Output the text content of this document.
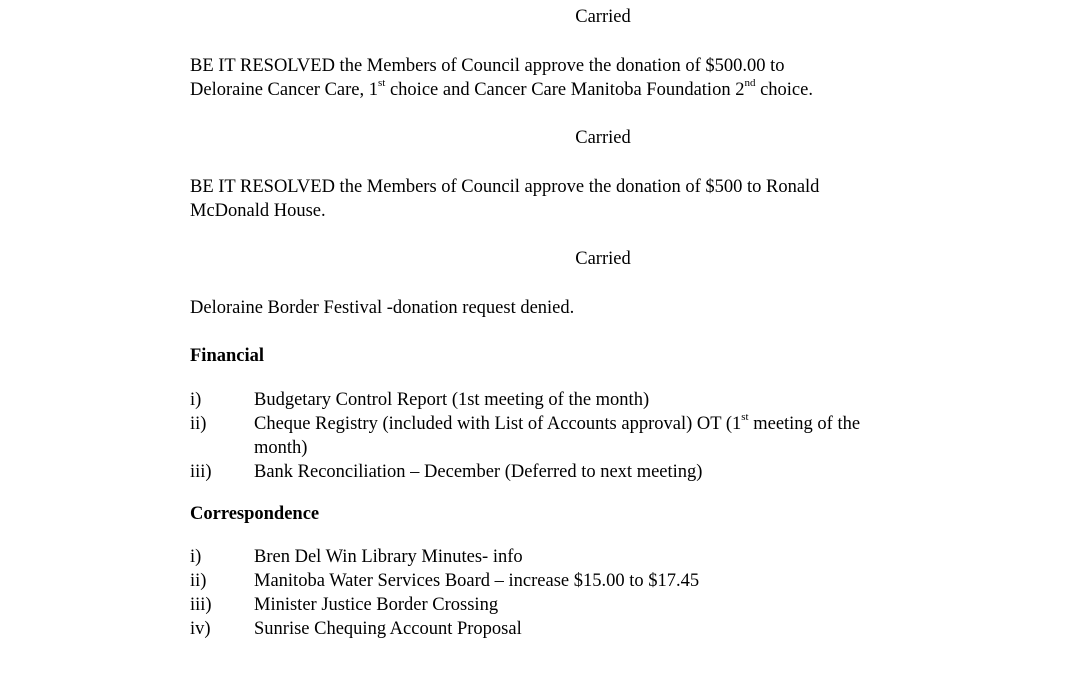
Carried
BE IT RESOLVED the Members of Council approve the donation of $500.00 to
Deloraine Cancer Care, 1st choice and Cancer Care Manitoba Foundation 2nd choice.
Carried
BE IT RESOLVED the Members of Council approve the donation of $500 to Ronald
McDonald House.
Carried
Deloraine Border Festival -donation request denied.
Financial
i)	Budgetary Control Report (1st meeting of the month)
ii)	Cheque Registry (included with List of Accounts approval) OT (1st meeting of the
month)
iii) Bank Reconciliation – December (Deferred to next meeting)
Correspondence
i)	Bren Del Win Library Minutes- info
ii)	Manitoba Water Services Board – increase $15.00 to $17.45
iii) Minister Justice Border Crossing
iv) Sunrise Chequing Account Proposal
